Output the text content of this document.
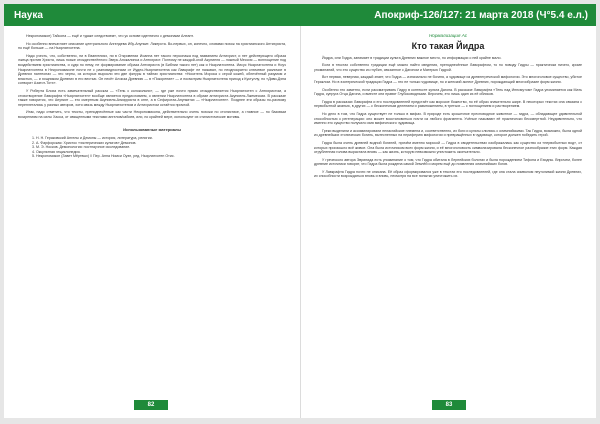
Наука	Апокриф-126/127: 21 марта 2018 (Ч°5.4 е.л.)

Некрономикон) Тайсона — ещё и «даже следствием», что ук основе идентично с демонами Алеант.

Но особенно впечатляет описание центрального Ангелдева Ибу-Анункит. Ликерста. Во-первых, он, конечно, словами похож на христианского Антихриста, но ещё больше — на Ньярлатхотепа.

Надо учесть, что, собственно, ни в Евангелиях, ни в Откровении Иоанна нет такого персонажа под названием Антихрист, и нет действующего образа лжеца против Христа, лишь позже отождествлённого Зверь Апокалипса и Антихрист. Поэтому не каждой-огой Акуниеля — ложный Мессия — воплощение под воздействием христианства, и судя по нему, не формирование образа Антихриста (в Библии такого нет) как и Ньярлатхотепа. Иисус Ньярлатхотепа и Ноуч Ньярлатхотепа в Некрономиконе почти не с разновидностями от Иудео-Ньярлатхотепа как Лавкрафт не называл, но неоднократно ключевое различие в Древних пантеонах — это черты, из которых выросли эти две фигуры в тайнах христианства: «Носитель Морока с серой кожей, облечённый разумом и властью, — и хищником Древних в его вестью. Он несёт Алоиза Древнию — в «Покорение» — и посмотрим Ньярлатхотепа приход к Куктуллу, но «Диви-Дэна сотворит Азатот-Тотх».

У Роберта Блоха есть замечательный рассказ — «Тень с колокольни», — где уже почти прямо отождествляется Ньярлатхотеп с Антихристом, а стихотворение Лавкрафта «Ньярлатхотеп» вообще является предисловием, о явлении Ньярлатхотепа в образе антихриста Акуниеля-Лжемессии. В рассказе также говорится, что Анункит — его смертным Акуниеля-Анкирриста в огне, а в Сефиротах-Анункитах — «Ньярлатхотеп». Позднее эти образы по-разному переплетались у разных авторов, хотя связь между Ньярлатхотепом и Антихристом остаётся прочной.

Итак, надо отметить, что тексты, преподнесённые как части Некрономикона, действительно очень похожи по стилистике, а главное — по базовым воззрениям на силы Хаоса, от священными текстами ангелов/сабиев, или, по крайней мере, используют их стилистические мотивы.

Использованные материалы
1. Н. Н. Гераковский Ангелы и Демоны — история, литература, религии.
2. А. Фарфорская: Христос «эзотерических культов» Демонов.
3. М. Э. Носков. Демонология: постнаучное исследование.
4. Оккультная энциклопедия.
5. Некрономикон (Завет Мёртвых) // Пер. Анна Номси Оуэн, ред. Ньярлатхотеп Отис.
Нормализация Ас
Кто такая Йидра

Йидра, или Гидра, занимает в традиции культа Древних важное место, но информации о ней крайне мало.

Если в текстах собственно традиции ещё можно найти сведения, преподнесённые Лавкрафтом, то по поводу Гидры — практически ничего, кроме упоминаний, что это существо из глубин, связанное с Дагоном и Матерью Гидрой.

Вот первая, неверная, каждый знает, что Гидра — изначально не богиня, а чудовище из древнегреческой мифологии. Это многоголовое существо, убитое Гераклом. Но в эзотерической традиции Гидра — это не только чудовище, но и женский аспект Древних, порождающий многообразие форм жизни.

Особенно это заметно, если рассматривать Гидру в контексте культа Дагона. В рассказе Лавкрафта «Тень над Иннсмутом» Гидра упоминается как Мать Гидра, супруга Отца Дагона, и вместе они правят Глубоководными. Впрочем, это лишь один из её обликов.

Гидра в рассказах Лавкрафта и его последователей предстаёт как морское божество, но её образ значительно шире. В некоторых текстах она связана с первобытной жизнью, в других — с бесконечным делением и размножением, в третьих — с поглощением и растворением.

Но дело в том, что Гидра существует не только в мифах. В природе есть крошечное пресноводное животное — гидра, — обладающее удивительной способностью к регенерации: оно может восстановиться почти из любого фрагмента. Учёные называют её практически бессмертной. Неудивительно, что именно это существо получило имя мифического чудовища.

Греки выделили и ассимилировали пеласгийские племена и, соответственно, их боги и культы слились с олимпийскими. Так Гидра, возможно, была одной из древнейших хтонических богинь, вытесненных на периферию мифологии и превращённых в чудовище, которое должен победить герой.

Гидра была очень древней водной богиней, причём именно морской — Гидра в свидетельствах изображалась как существо из «первобытных вод», от которых произошло всё живое. Она была источником всех форм жизни, и её многоголовость символизировала бесконечное разнообразие этих форм. Каждая отрубленная голова вырастала вновь — как жизнь, которую невозможно уничтожить окончательно.

У греческого автора Эврипида есть упоминание о том, что Гидра обитала в Лернейских болотах и была порождением Тифона и Ехидны. Впрочем, более древние источники говорят, что Гидра была рождена самой Землёй и морем ещё до появления олимпийских богов.

У Лавкрафта Гидра почти не описана. Её образ сформировался уже в текстах его последователей, где она стала символом неутолимой жизни Древних, их способности возрождаться вновь и вновь, несмотря на все попытки уничтожить их.

82	83
